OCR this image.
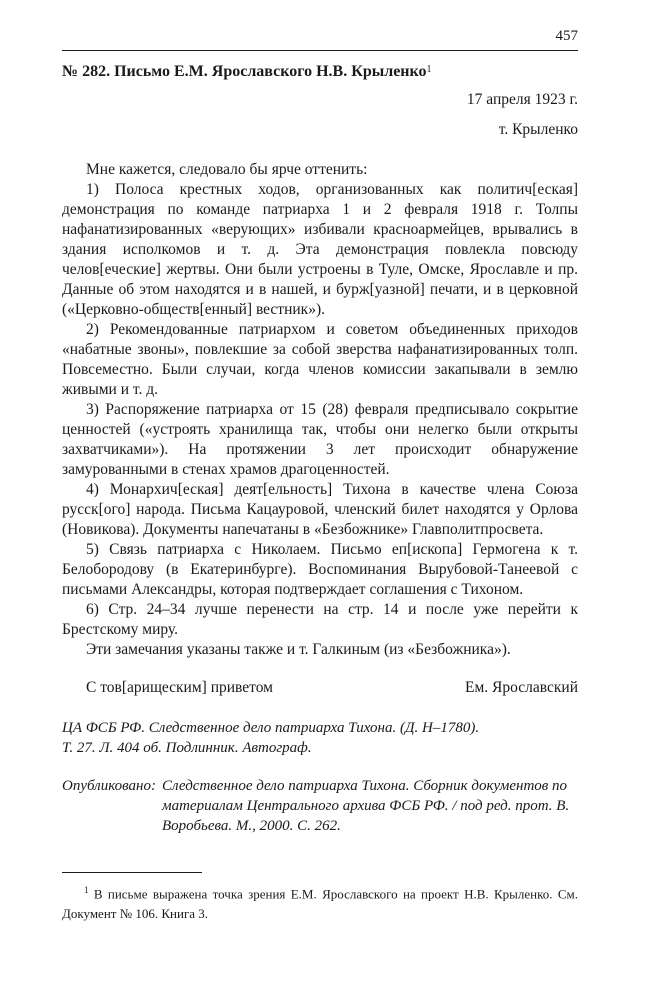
457
№ 282. Письмо Е.М. Ярославского Н.В. Крыленко$^1$
17 апреля 1923 г.
т. Крыленко

Мне кажется, следовало бы ярче оттенить:

1) Полоса крестных ходов, организованных как политич[еская] демонстрация по команде патриарха 1 и 2 февраля 1918 г. Толпы нафанатизированных «верующих» избивали красноармейцев, врывались в здания исполкомов и т. д. Эта демонстрация повлекла повсюду челов[еческие] жертвы. Они были устроены в Туле, Омске, Ярославле и пр. Данные об этом находятся и в нашей, и бурж[уазной] печати, и в церковной («Церковно-обществ[енный] вестник»).

2) Рекомендованные патриархом и советом объединенных приходов «набатные звоны», повлекшие за собой зверства нафанатизированных толп. Повсеместно. Были случаи, когда членов комиссии закапывали в землю живыми и т. д.

3) Распоряжение патриарха от 15 (28) февраля предписывало сокрытие ценностей («устроять хранилища так, чтобы они нелегко были открыты захватчиками»). На протяжении 3 лет происходит обнаружение замурованными в стенах храмов драгоценностей.

4) Монархич[еская] деят[ельность] Тихона в качестве члена Союза русск[ого] народа. Письма Кацауровой, членский билет находятся у Орлова (Новикова). Документы напечатаны в «Безбожнике» Главполитпросвета.

5) Связь патриарха с Николаем. Письмо еп[ископа] Гермогена к т. Белобородову (в Екатеринбурге). Воспоминания Вырубовой-Танеевой с письмами Александры, которая подтверждает соглашения с Тихоном.

6) Стр. 24–34 лучше перенести на стр. 14 и после уже перейти к Брестскому миру.

Эти замечания указаны также и т. Галкиным (из «Безбожника»).

С тов[арищеским] приветом	Ем. Ярославский

ЦА ФСБ РФ. Следственное дело патриарха Тихона. (Д. Н–1780).

Т. 27. Л. 404 об. Подлинник. Автограф.

Опубликовано: Следственное дело патриарха Тихона. Сборник документов по материалам Центрального архива ФСБ РФ. / под ред. прот. В. Воробьева. М., 2000. С. 262.

$^1$ В письме выражена точка зрения Е.М. Ярославского на проект Н.В. Крыленко. См. Документ № 106. Книга 3.
